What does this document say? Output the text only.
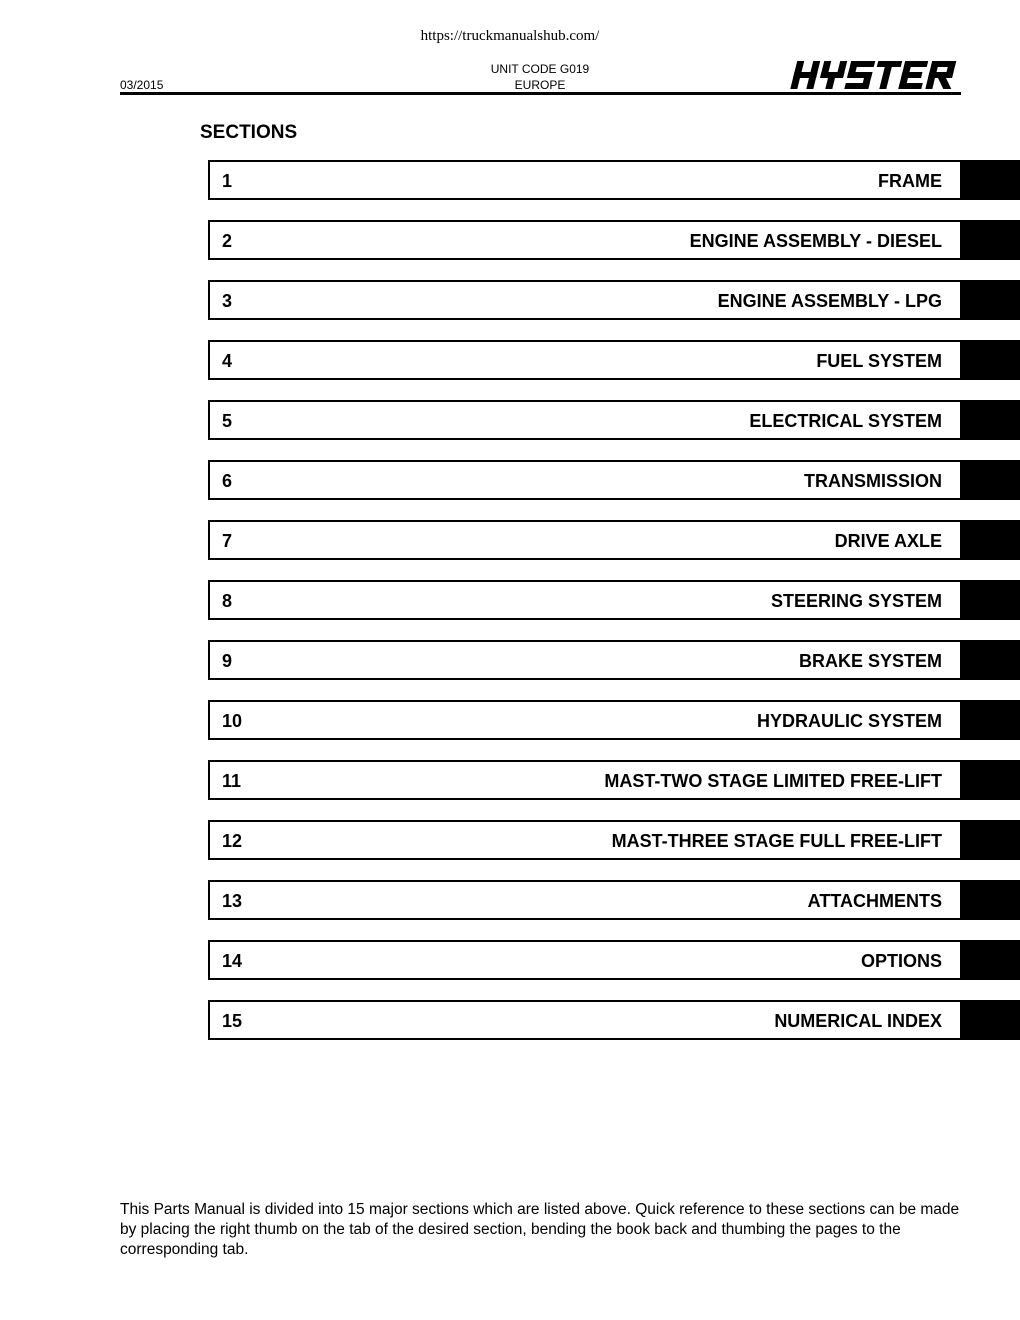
https://truckmanualshub.com/
03/2015
UNIT CODE G019
EUROPE
SECTIONS
1	FRAME
2	ENGINE ASSEMBLY - DIESEL
3	ENGINE ASSEMBLY - LPG
4	FUEL SYSTEM
5	ELECTRICAL SYSTEM
6	TRANSMISSION
7	DRIVE AXLE
8	STEERING SYSTEM
9	BRAKE SYSTEM
10	HYDRAULIC SYSTEM
11	MAST-TWO STAGE LIMITED FREE-LIFT
12	MAST-THREE STAGE FULL FREE-LIFT
13	ATTACHMENTS
14	OPTIONS
15	NUMERICAL INDEX
This Parts Manual is divided into 15 major sections which are listed above. Quick reference to these sections can be made by placing the right thumb on the tab of the desired section, bending the book back and thumbing the pages to the corresponding tab.
